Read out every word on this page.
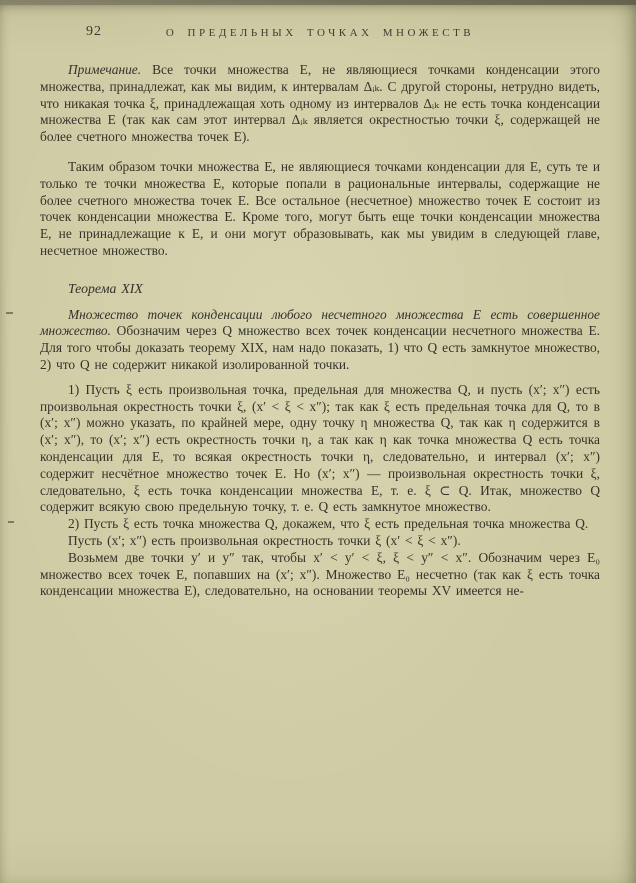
92	О ПРЕДЕЛЬНЫХ ТОЧКАХ МНОЖЕСТВ

Примечание. Все точки множества E, не являющиеся точками конденсации этого множества, принадлежат, как мы видим, к интервалам Δᵢₖ. С другой стороны, нетрудно видеть, что никакая точка ξ, принадлежащая хоть одному из интервалов Δᵢₖ не есть точка конденсации множества E (так как сам этот интервал Δᵢₖ является окрестностью точки ξ, содержащей не более счетного множества точек E).

Таким образом точки множества E, не являющиеся точками конденсации для E, суть те и только те точки множества E, которые попали в рациональные интервалы, содержащие не более счетного множества точек E. Все остальное (несчетное) множество точек E состоит из точек конденсации множества E. Кроме того, могут быть еще точки конденсации множества E, не принадлежащие к E, и они могут образовывать, как мы увидим в следующей главе, несчетное множество.

Теорема XIX

Множество точек конденсации любого несчетного множества E есть совершенное множество. Обозначим через Q множество всех точек конденсации несчетного множества E. Для того чтобы доказать теорему XIX, нам надо показать, 1) что Q есть замкнутое множество, 2) что Q не содержит никакой изолированной точки.

1) Пусть ξ есть произвольная точка, предельная для множества Q, и пусть (x′; x″) есть произвольная окрестность точки ξ, (x′ < ξ < x″); так как ξ есть предельная точка для Q, то в (x′; x″) можно указать, по крайней мере, одну точку η множества Q, так как η содержится в (x′; x″), то (x′; x″) есть окрестность точки η, а так как η как точка множества Q есть точка конденсации для E, то всякая окрестность точки η, следовательно, и интервал (x′; x″) содержит несчётное множество точек E. Но (x′; x″) — произвольная окрестность точки ξ, следовательно, ξ есть точка конденсации множества E, т. е. ξ ⊂ Q. Итак, множество Q содержит всякую свою предельную точку, т. е. Q есть замкнутое множество.

2) Пусть ξ есть точка множества Q, докажем, что ξ есть предельная точка множества Q.

Пусть (x′; x″) есть произвольная окрестность точки ξ (x′ < ξ < x″).

Возьмем две точки y′ и y″ так, чтобы x′ < y′ < ξ, ξ < y″ < x″. Обозначим через E₀ множество всех точек E, попавших на (x′; x″). Множество E₀ несчетно (так как ξ есть точка конденсации множества E), следовательно, на основании теоремы XV имеется не-
